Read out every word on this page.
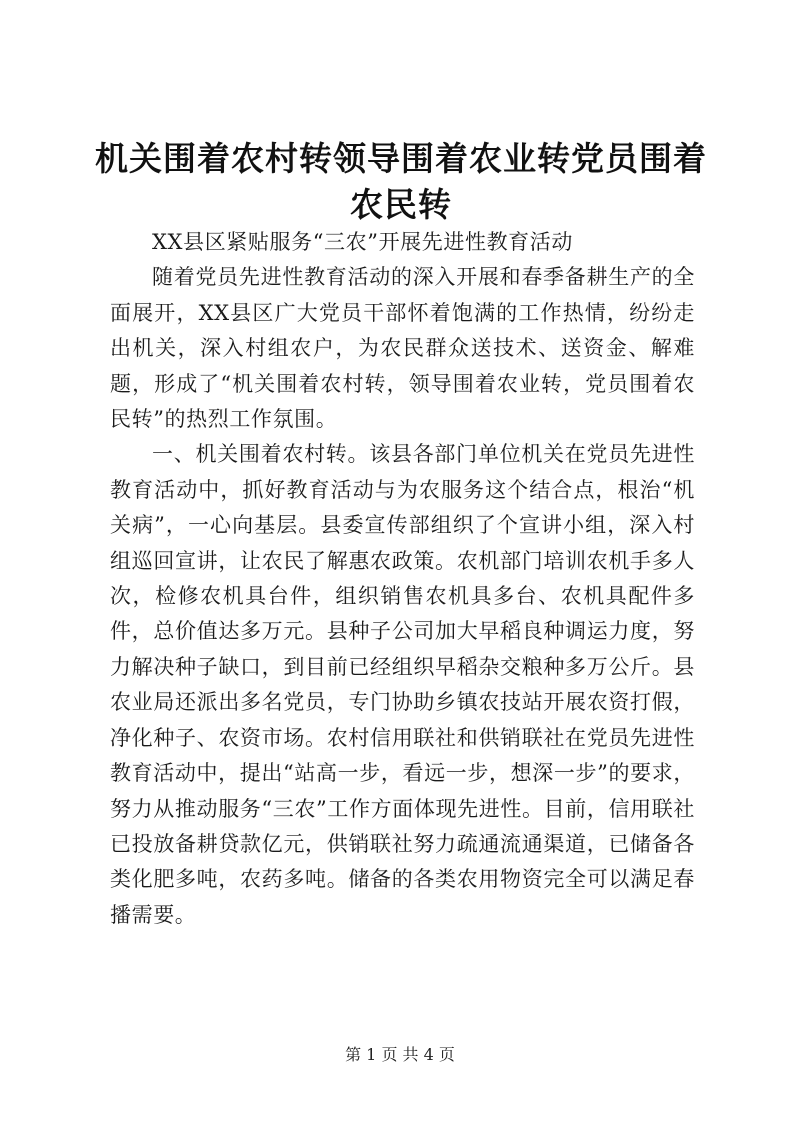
机关围着农村转领导围着农业转党员围着农民转

XX县区紧贴服务“三农”开展先进性教育活动

随着党员先进性教育活动的深入开展和春季备耕生产的全面展开，XX县区广大党员干部怀着饱满的工作热情，纷纷走出机关，深入村组农户，为农民群众送技术、送资金、解难题，形成了“机关围着农村转，领导围着农业转，党员围着农民转”的热烈工作氛围。

一、机关围着农村转。该县各部门单位机关在党员先进性教育活动中，抓好教育活动与为农服务这个结合点，根治“机关病”，一心向基层。县委宣传部组织了个宣讲小组，深入村组巡回宣讲，让农民了解惠农政策。农机部门培训农机手多人次，检修农机具台件，组织销售农机具多台、农机具配件多件，总价值达多万元。县种子公司加大早稻良种调运力度，努力解决种子缺口，到目前已经组织早稻杂交粮种多万公斤。县农业局还派出多名党员，专门协助乡镇农技站开展农资打假，净化种子、农资市场。农村信用联社和供销联社在党员先进性教育活动中，提出“站高一步，看远一步，想深一步”的要求，努力从推动服务“三农”工作方面体现先进性。目前，信用联社已投放备耕贷款亿元，供销联社努力疏通流通渠道，已储备各类化肥多吨，农药多吨。储备的各类农用物资完全可以满足春播需要。

第 1 页 共 4 页
